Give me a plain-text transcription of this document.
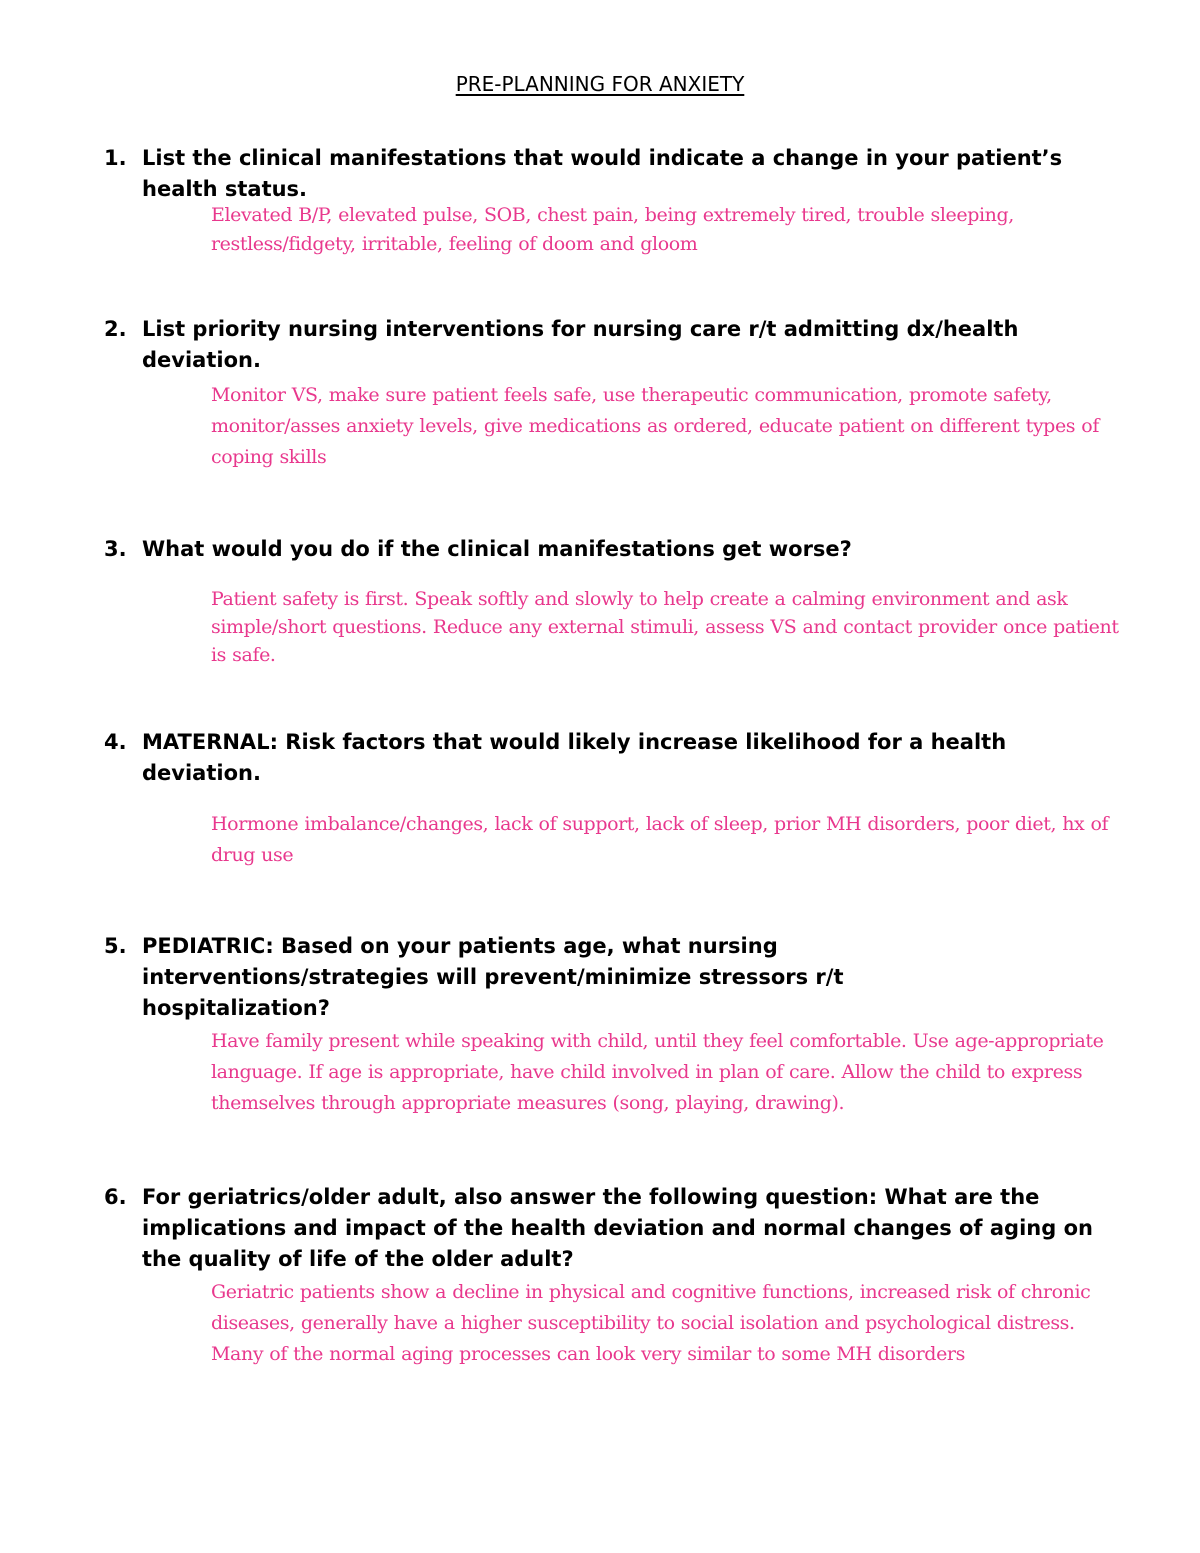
PRE-PLANNING FOR ANXIETY

1. List the clinical manifestations that would indicate a change in your patient’s health status.

Elevated B/P, elevated pulse, SOB, chest pain, being extremely tired, trouble sleeping, restless/fidgety, irritable, feeling of doom and gloom

2. List priority nursing interventions for nursing care r/t admitting dx/health deviation.

Monitor VS, make sure patient feels safe, use therapeutic communication, promote safety, monitor/asses anxiety levels, give medications as ordered, educate patient on different types of coping skills

3. What would you do if the clinical manifestations get worse?

Patient safety is first. Speak softly and slowly to help create a calming environment and ask simple/short questions. Reduce any external stimuli, assess VS and contact provider once patient is safe.

4. MATERNAL: Risk factors that would likely increase likelihood for a health deviation.

Hormone imbalance/changes, lack of support, lack of sleep, prior MH disorders, poor diet, hx of drug use

5. PEDIATRIC: Based on your patients age, what nursing interventions/strategies will prevent/minimize stressors r/t hospitalization?

Have family present while speaking with child, until they feel comfortable. Use age-appropriate language. If age is appropriate, have child involved in plan of care. Allow the child to express themselves through appropriate measures (song, playing, drawing).

6. For geriatrics/older adult, also answer the following question: What are the implications and impact of the health deviation and normal changes of aging on the quality of life of the older adult?

Geriatric patients show a decline in physical and cognitive functions, increased risk of chronic diseases, generally have a higher susceptibility to social isolation and psychological distress. Many of the normal aging processes can look very similar to some MH disorders
